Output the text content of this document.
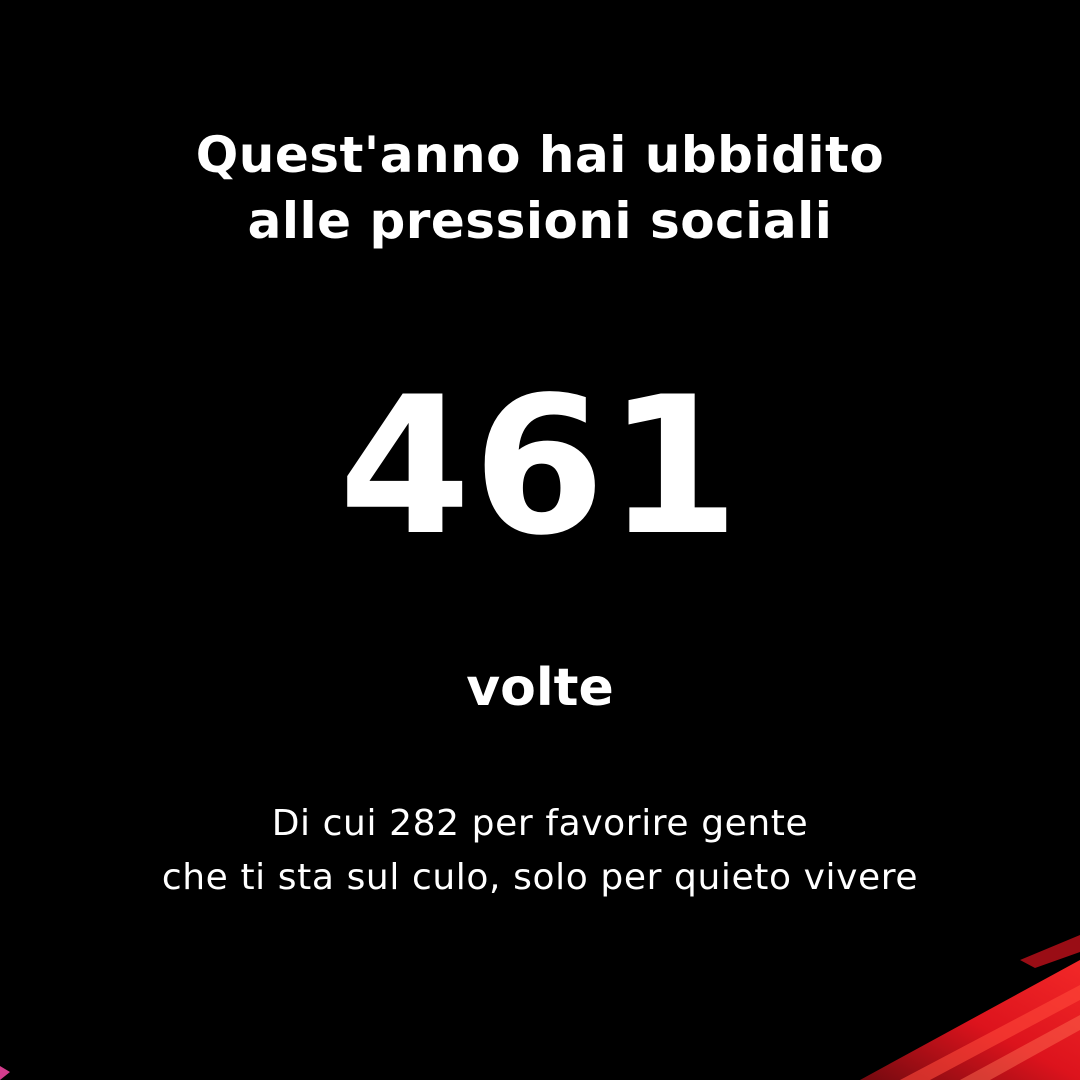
Quest'anno hai ubbidito
alle pressioni sociali
461
volte
Di cui 282 per favorire gente
che ti sta sul culo, solo per quieto vivere
